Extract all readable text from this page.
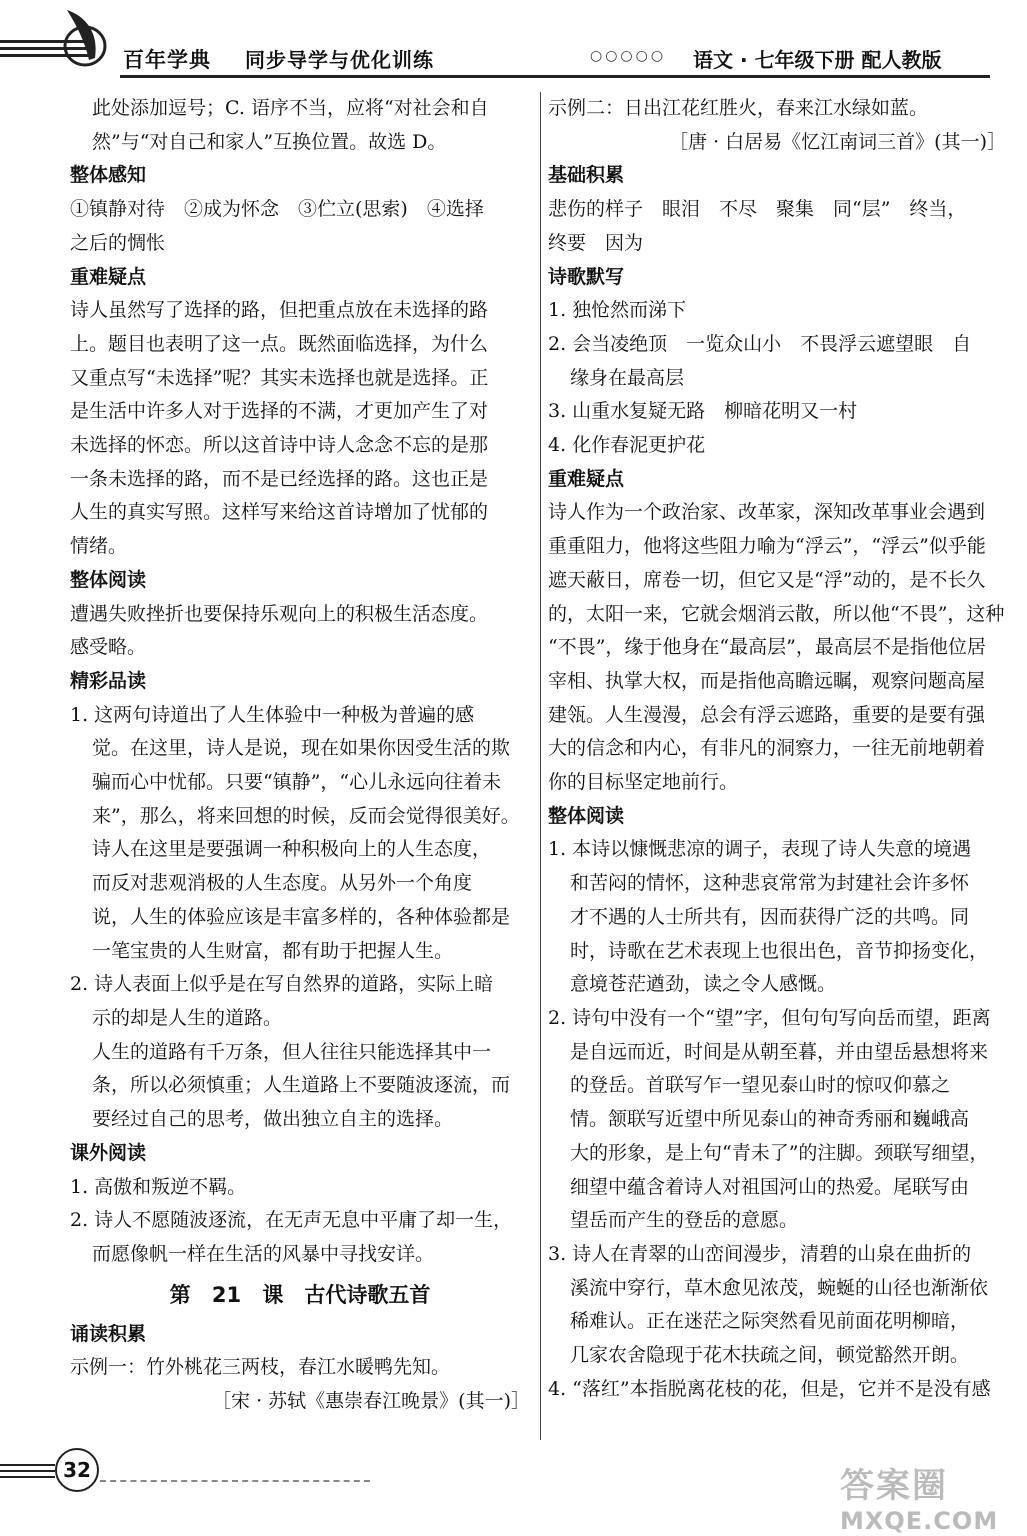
百年学典 同步导学与优化训练	○○○○○ 语文 · 七年级下册 配人教版

此处添加逗号；C. 语序不当，应将“对社会和自

然”与“对自己和家人”互换位置。故选 D。

整体感知

①镇静对待　②成为怀念　③伫立(思索)　④选择

之后的惆怅

重难疑点

诗人虽然写了选择的路，但把重点放在未选择的路

上。题目也表明了这一点。既然面临选择，为什么

又重点写“未选择”呢？其实未选择也就是选择。正

是生活中许多人对于选择的不满，才更加产生了对

未选择的怀恋。所以这首诗中诗人念念不忘的是那

一条未选择的路，而不是已经选择的路。这也正是

人生的真实写照。这样写来给这首诗增加了忧郁的

情绪。

整体阅读

遭遇失败挫折也要保持乐观向上的积极生活态度。

感受略。

精彩品读

1. 这两句诗道出了人生体验中一种极为普遍的感

觉。在这里，诗人是说，现在如果你因受生活的欺

骗而心中忧郁。只要“镇静”，“心儿永远向往着未

来”，那么，将来回想的时候，反而会觉得很美好。

诗人在这里是要强调一种积极向上的人生态度，

而反对悲观消极的人生态度。从另外一个角度

说，人生的体验应该是丰富多样的，各种体验都是

一笔宝贵的人生财富，都有助于把握人生。

2. 诗人表面上似乎是在写自然界的道路，实际上暗

示的却是人生的道路。

人生的道路有千万条，但人往往只能选择其中一

条，所以必须慎重；人生道路上不要随波逐流，而

要经过自己的思考，做出独立自主的选择。

课外阅读

1. 高傲和叛逆不羁。

2. 诗人不愿随波逐流，在无声无息中平庸了却一生，

而愿像帆一样在生活的风暴中寻找安详。

第 21 课　古代诗歌五首

诵读积累

示例一：竹外桃花三两枝，春江水暖鸭先知。

［宋 · 苏轼《惠崇春江晚景》(其一)］

示例二：日出江花红胜火，春来江水绿如蓝。

［唐 · 白居易《忆江南词三首》(其一)］

基础积累

悲伤的样子　眼泪　不尽　聚集　同“层”　终当，

终要　因为

诗歌默写

1. 独怆然而涕下

2. 会当凌绝顶　一览众山小　不畏浮云遮望眼　自

缘身在最高层

3. 山重水复疑无路　柳暗花明又一村

4. 化作春泥更护花

重难疑点

诗人作为一个政治家、改革家，深知改革事业会遇到

重重阻力，他将这些阻力喻为“浮云”，“浮云”似乎能

遮天蔽日，席卷一切，但它又是“浮”动的，是不长久

的，太阳一来，它就会烟消云散，所以他“不畏”，这种

“不畏”，缘于他身在“最高层”，最高层不是指他位居

宰相、执掌大权，而是指他高瞻远瞩，观察问题高屋

建瓴。人生漫漫，总会有浮云遮路，重要的是要有强

大的信念和内心，有非凡的洞察力，一往无前地朝着

你的目标坚定地前行。

整体阅读

1. 本诗以慷慨悲凉的调子，表现了诗人失意的境遇

和苦闷的情怀，这种悲哀常常为封建社会许多怀

才不遇的人士所共有，因而获得广泛的共鸣。同

时，诗歌在艺术表现上也很出色，音节抑扬变化，

意境苍茫遒劲，读之令人感慨。

2. 诗句中没有一个“望”字，但句句写向岳而望，距离

是自远而近，时间是从朝至暮，并由望岳悬想将来

的登岳。首联写乍一望见泰山时的惊叹仰慕之

情。颔联写近望中所见泰山的神奇秀丽和巍峨高

大的形象，是上句“青未了”的注脚。颈联写细望，

细望中蕴含着诗人对祖国河山的热爱。尾联写由

望岳而产生的登岳的意愿。

3. 诗人在青翠的山峦间漫步，清碧的山泉在曲折的

溪流中穿行，草木愈见浓茂，蜿蜒的山径也渐渐依

稀难认。正在迷茫之际突然看见前面花明柳暗，

几家农舍隐现于花木扶疏之间，顿觉豁然开朗。

4. “落红”本指脱离花枝的花，但是，它并不是没有感

32	答案圈
MXQE.COM
